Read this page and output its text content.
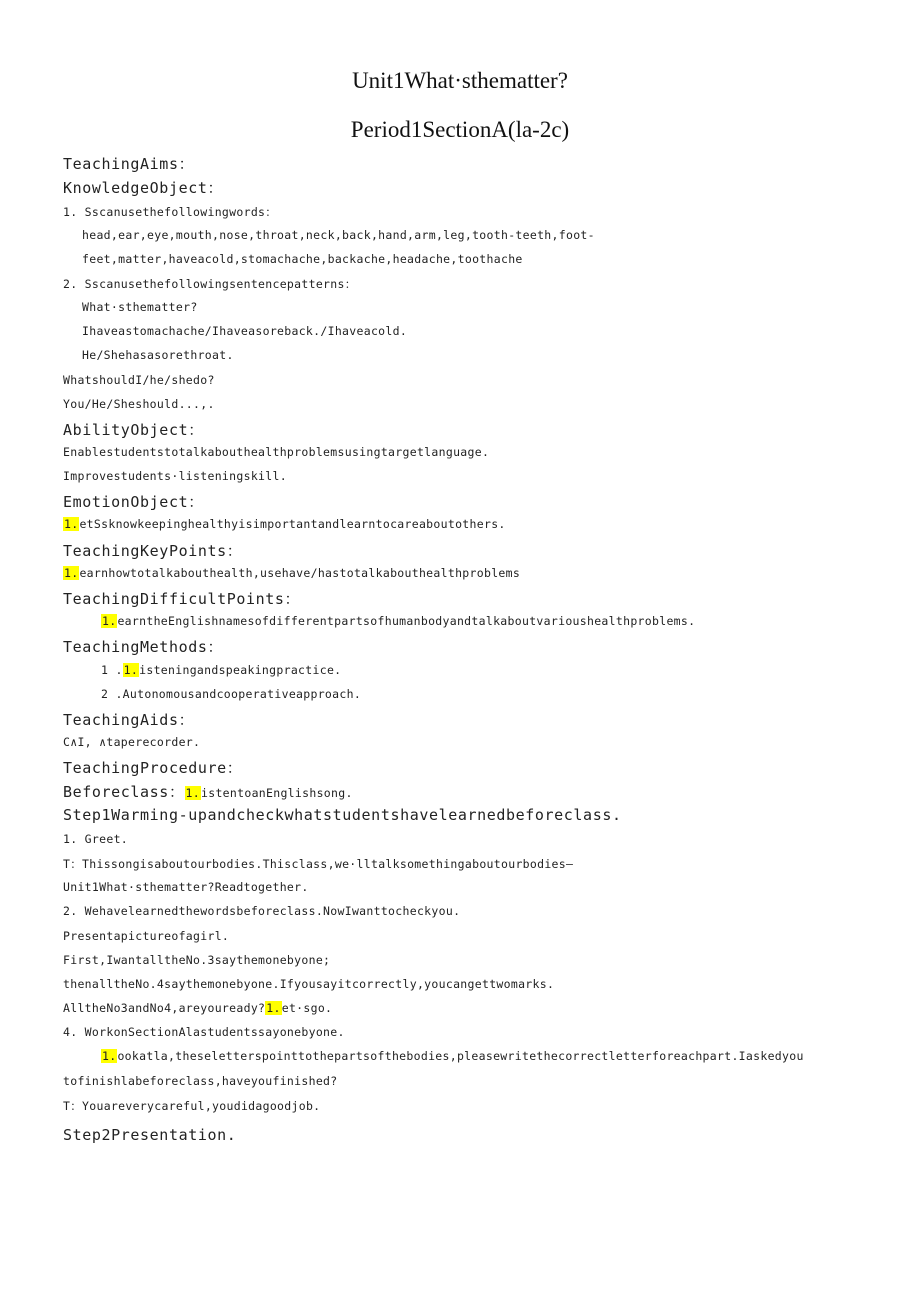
Unit1What·sthematter?
Period1SectionA(la-2c)
TeachingAims：
KnowledgeObject：
1. Sscanusethefollowingwords：
head,ear,eye,mouth,nose,throat,neck,back,hand,arm,leg,tooth-teeth,foot-
feet,matter,haveacold,stomachache,backache,headache,toothache
2. Sscanusethefollowingsentencepatterns：
What·sthematter?
Ihaveastomachache/Ihaveasoreback./Ihaveacold.
He/Shehasasorethroat.
WhatshouldI/he/shedo?
You/He/Sheshould...,.
AbilityObject：
Enablestudentstotalkabouthealthproblemsusingtargetlanguage.
Improvestudents·listeningskill.
EmotionObject：
1.etSsknowkeepinghealthyisimportantandlearntocareaboutothers.
TeachingKeyPoints：
1.earnhowtotalkabouthealth,usehave/hastotalkabouthealthproblems
TeachingDifficultPoints：
1.earntheEnglishnamesofdifferentpartsofhumanbodyandtalkaboutvarioushealthproblems.
TeachingMethods：
1 .1.isteningandspeakingpractice.
2 .Autonomousandcooperativeapproach.
TeachingAids：
C∧I, ∧taperecorder.
TeachingProcedure：
Beforeclass：1.istentoanEnglishsong.
Step1Warming-upandcheckwhatstudentshavelearnedbeforeclass.
1. Greet.
T：Thissongisaboutourbodies.Thisclass,we·lltalksomethingaboutourbodies—
Unit1What·sthematter?Readtogether.
2. Wehavelearnedthewordsbeforeclass.NowIwanttocheckyou.
Presentapictureofagirl.
First,IwantalltheNo.3saythemonebyone;
thenalltheNo.4saythemonebyone.Ifyousayitcorrectly,youcangettwomarks.
AlltheNo3andNo4,areyouready?1.et·sgo.
4. WorkonSectionAlastudentssayonebyone.
1.ookatla,theseletterspointtothepartsofthebodies,pleasewritethecorrectletterforeachpart.Iaskedyou
tofinishlabeforeclass,haveyoufinished?
T：Youareverycareful,youdidagoodjob.
Step2Presentation.
